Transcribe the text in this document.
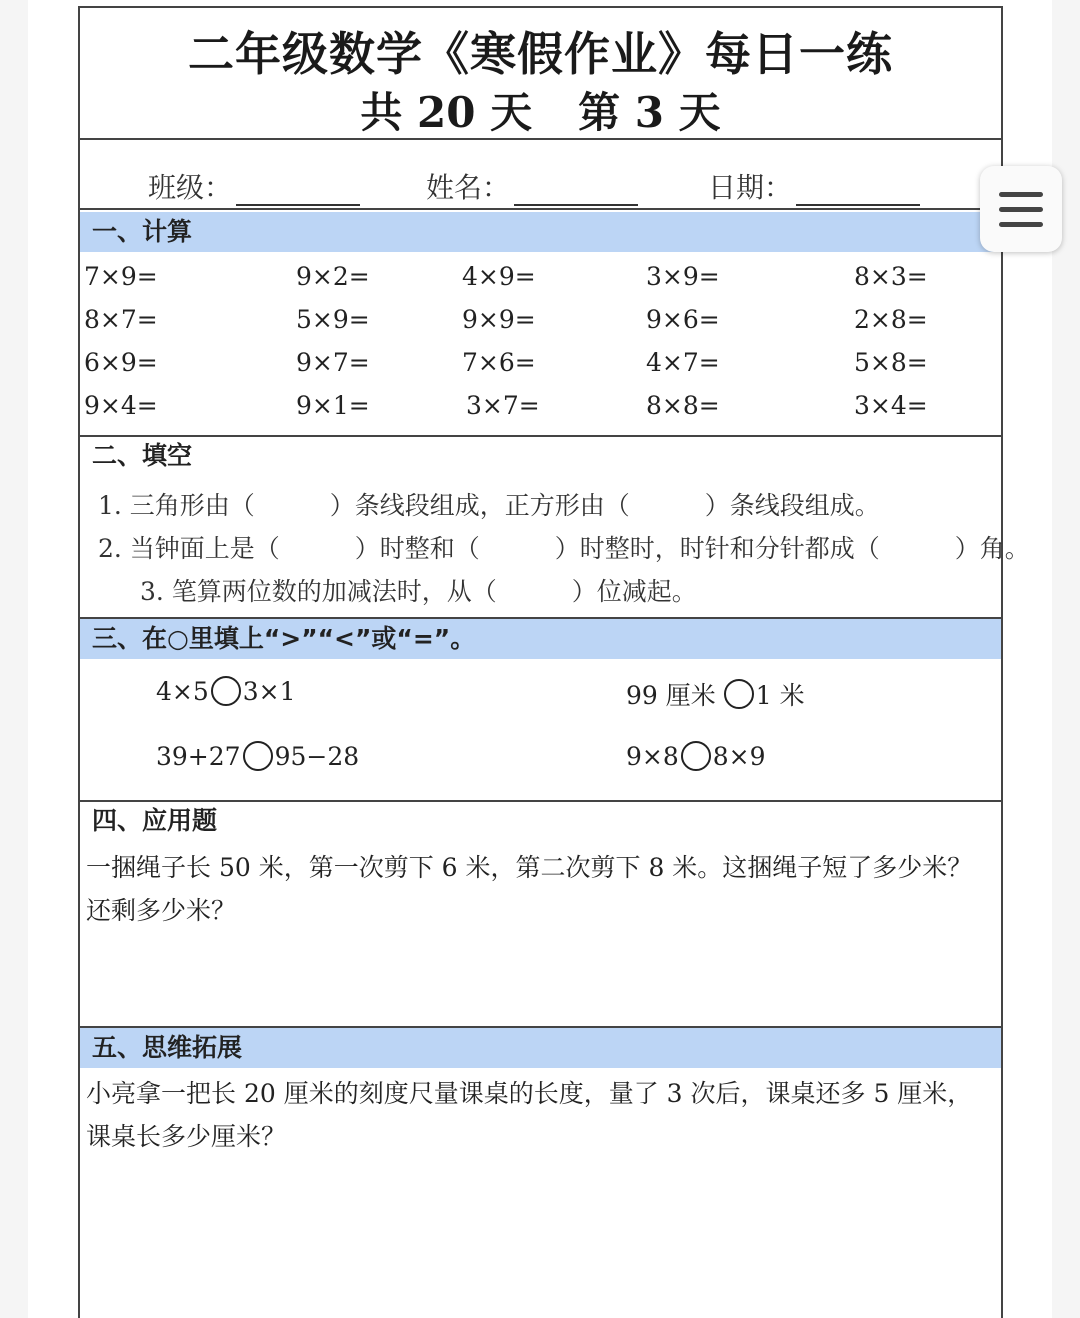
二年级数学《寒假作业》每日一练
共 20 天 第 3 天
班级：	姓名：	日期：
一、计算
7×9=	9×2=	4×9=	3×9=	8×3=
8×7=	5×9=	9×9=	9×6=	2×8=
6×9=	9×7=	7×6=	4×7=	5×8=
9×4=	9×1=	3×7=	8×8=	3×4=
二、填空
1. 三角形由（　　　）条线段组成，正方形由（　　　）条线段组成。
2. 当钟面上是（　　　）时整和（　　　）时整时，时针和分针都成（　　　）角。
3. 笔算两位数的加减法时，从（　　　）位减起。
三、在○里填上“>”“<”或“=”。
4×5 3×1	99 厘米 1 米
39+27 95−28	9×8 8×9
四、应用题
一捆绳子长 50 米，第一次剪下 6 米，第二次剪下 8 米。这捆绳子短了多少米？
还剩多少米？
五、思维拓展
小亮拿一把长 20 厘米的刻度尺量课桌的长度，量了 3 次后，课桌还多 5 厘米，
课桌长多少厘米？
